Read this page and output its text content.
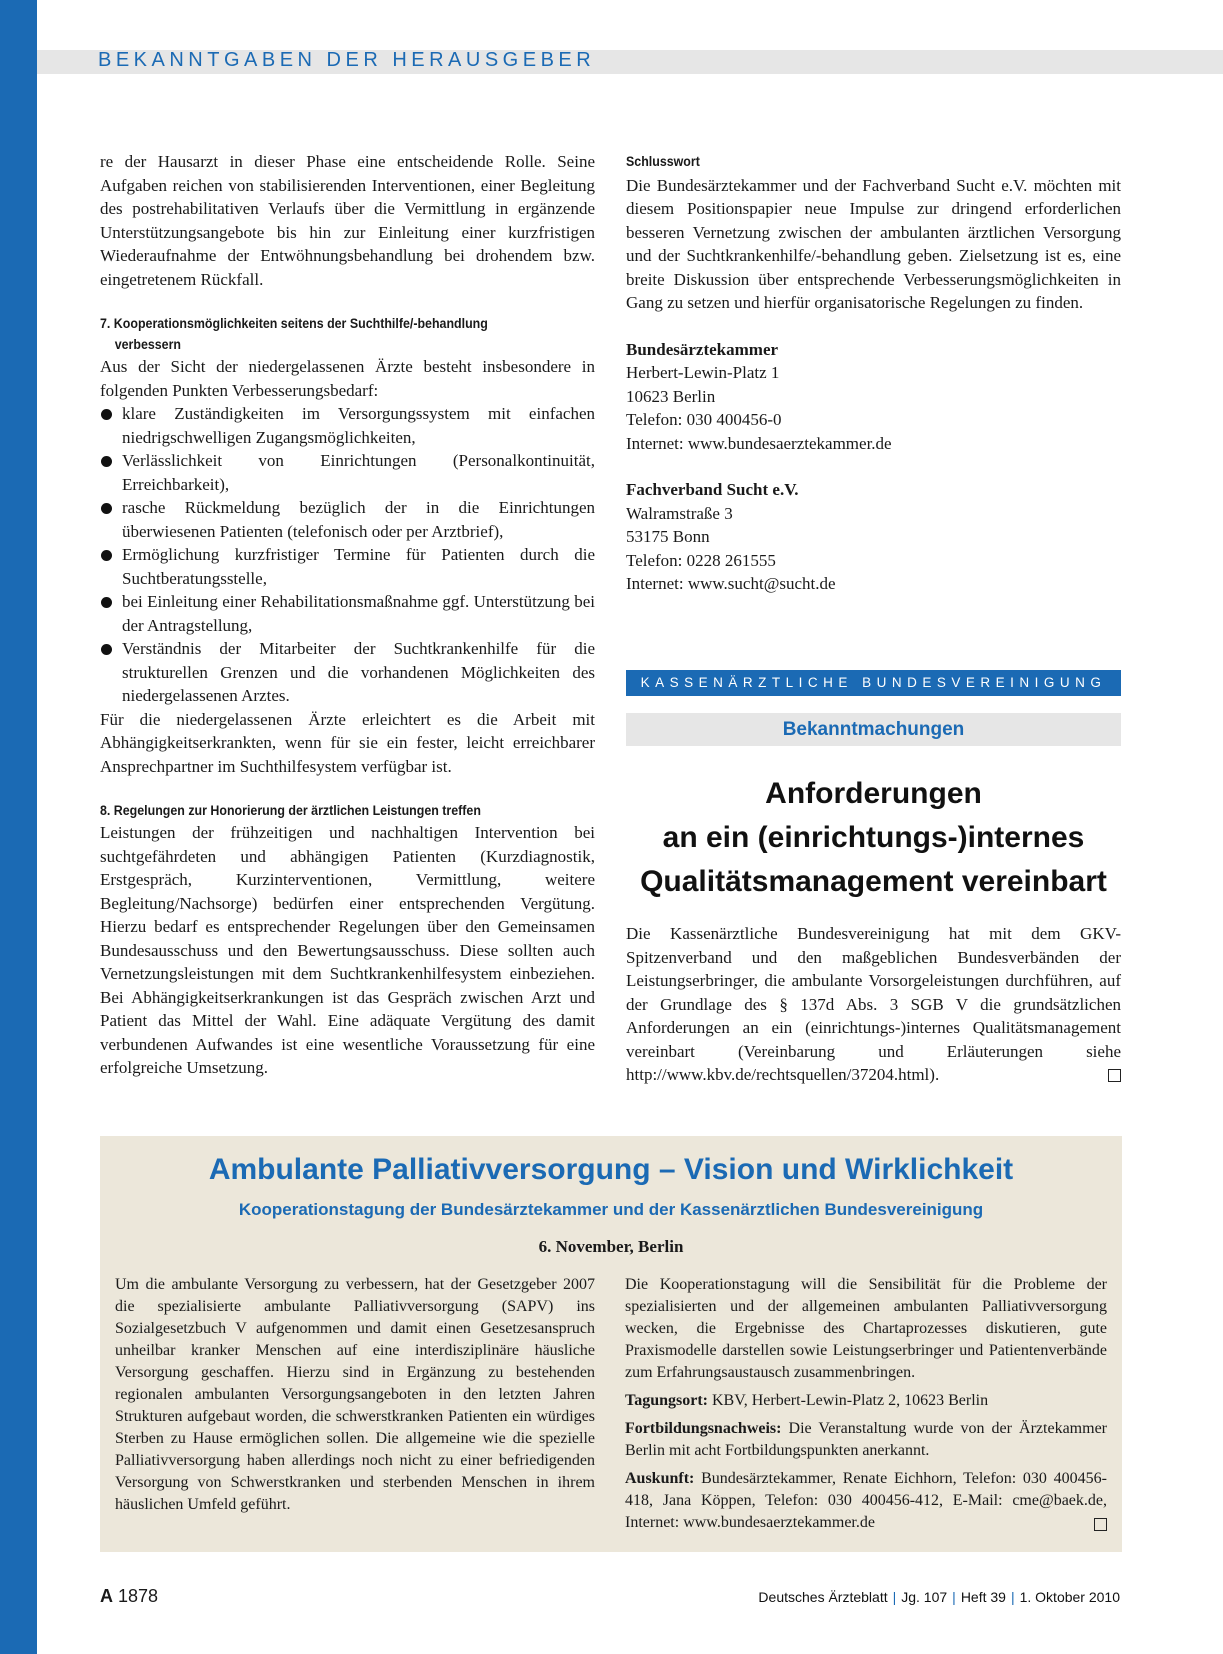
BEKANNTGABEN DER HERAUSGEBER

re der Hausarzt in dieser Phase eine entscheidende Rolle. Seine Aufgaben reichen von stabilisierenden Interventionen, einer Begleitung des postrehabilitativen Verlaufs über die Vermittlung in ergänzende Unterstützungsangebote bis hin zur Einleitung einer kurzfristigen Wiederaufnahme der Entwöhnungsbehandlung bei drohendem bzw. eingetretenem Rückfall.

7. Kooperationsmöglichkeiten seitens der Suchthilfe/-behandlung
verbessern

Aus der Sicht der niedergelassenen Ärzte besteht insbesondere in folgenden Punkten Verbesserungsbedarf:

klare Zuständigkeiten im Versorgungssystem mit einfachen niedrigschwelligen Zugangsmöglichkeiten,
Verlässlichkeit von Einrichtungen (Personalkontinuität, Erreichbarkeit),
rasche Rückmeldung bezüglich der in die Einrichtungen überwiesenen Patienten (telefonisch oder per Arztbrief),
Ermöglichung kurzfristiger Termine für Patienten durch die Suchtberatungsstelle,
bei Einleitung einer Rehabilitationsmaßnahme ggf. Unterstützung bei der Antragstellung,
Verständnis der Mitarbeiter der Suchtkrankenhilfe für die strukturellen Grenzen und die vorhandenen Möglichkeiten des niedergelassenen Arztes.

Für die niedergelassenen Ärzte erleichtert es die Arbeit mit Abhängigkeitserkrankten, wenn für sie ein fester, leicht erreichbarer Ansprechpartner im Suchthilfesystem verfügbar ist.

8. Regelungen zur Honorierung der ärztlichen Leistungen treffen

Leistungen der frühzeitigen und nachhaltigen Intervention bei suchtgefährdeten und abhängigen Patienten (Kurzdiagnostik, Erstgespräch, Kurzinterventionen, Vermittlung, weitere Begleitung/Nachsorge) bedürfen einer entsprechenden Vergütung. Hierzu bedarf es entsprechender Regelungen über den Gemeinsamen Bundesausschuss und den Bewertungsausschuss. Diese sollten auch Vernetzungsleistungen mit dem Suchtkrankenhilfesystem einbeziehen. Bei Abhängigkeitserkrankungen ist das Gespräch zwischen Arzt und Patient das Mittel der Wahl. Eine adäquate Vergütung des damit verbundenen Aufwandes ist eine wesentliche Voraussetzung für eine erfolgreiche Umsetzung.

Schlusswort

Die Bundesärztekammer und der Fachverband Sucht e.V. möchten mit diesem Positionspapier neue Impulse zur dringend erforderlichen besseren Vernetzung zwischen der ambulanten ärztlichen Versorgung und der Suchtkrankenhilfe/-behandlung geben. Zielsetzung ist es, eine breite Diskussion über entsprechende Verbesserungsmöglichkeiten in Gang zu setzen und hierfür organisatorische Regelungen zu finden.

Bundesärztekammer
Herbert-Lewin-Platz 1
10623 Berlin
Telefon: 030 400456-0
Internet: www.bundesaerztekammer.de

Fachverband Sucht e.V.
Walramstraße 3
53175 Bonn
Telefon: 0228 261555
Internet: www.sucht@sucht.de

KASSENÄRZTLICHE BUNDESVEREINIGUNG
Bekanntmachungen
Anforderungen
an ein (einrichtungs-)internes
Qualitätsmanagement vereinbart
Die Kassenärztliche Bundesvereinigung hat mit dem GKV-Spitzenverband und den maßgeblichen Bundesverbänden der Leistungserbringer, die ambulante Vorsorgeleistungen durchführen, auf der Grundlage des § 137d Abs. 3 SGB V die grundsätzlichen Anforderungen an ein (einrichtungs-)internes Qualitätsmanagement vereinbart (Vereinbarung und Erläuterungen siehe http://www.kbv.de/rechtsquellen/37204.html).
Ambulante Palliativversorgung – Vision und Wirklichkeit
Kooperationstagung der Bundesärztekammer und der Kassenärztlichen Bundesvereinigung
6. November, Berlin

Um die ambulante Versorgung zu verbessern, hat der Gesetzgeber 2007 die spezialisierte ambulante Palliativversorgung (SAPV) ins Sozialgesetzbuch V aufgenommen und damit einen Gesetzesanspruch unheilbar kranker Menschen auf eine interdisziplinäre häusliche Versorgung geschaffen. Hierzu sind in Ergänzung zu bestehenden regionalen ambulanten Versorgungsangeboten in den letzten Jahren Strukturen aufgebaut worden, die schwerstkranken Patienten ein würdiges Sterben zu Hause ermöglichen sollen. Die allgemeine wie die spezielle Palliativversorgung haben allerdings noch nicht zu einer befriedigenden Versorgung von Schwerstkranken und sterbenden Menschen in ihrem häuslichen Umfeld geführt.

Die Kooperationstagung will die Sensibilität für die Probleme der spezialisierten und der allgemeinen ambulanten Palliativversorgung wecken, die Ergebnisse des Chartaprozesses diskutieren, gute Praxismodelle darstellen sowie Leistungserbringer und Patientenverbände zum Erfahrungsaustausch zusammenbringen.

Tagungsort: KBV, Herbert-Lewin-Platz 2, 10623 Berlin

Fortbildungsnachweis: Die Veranstaltung wurde von der Ärztekammer Berlin mit acht Fortbildungspunkten anerkannt.

Auskunft: Bundesärztekammer, Renate Eichhorn, Telefon: 030 400456-418, Jana Köppen, Telefon: 030 400456-412, E-Mail: cme@baek.de, Internet: www.bundesaerztekammer.de

A 1878	Deutsches Ärzteblatt | Jg. 107 | Heft 39 | 1. Oktober 2010
